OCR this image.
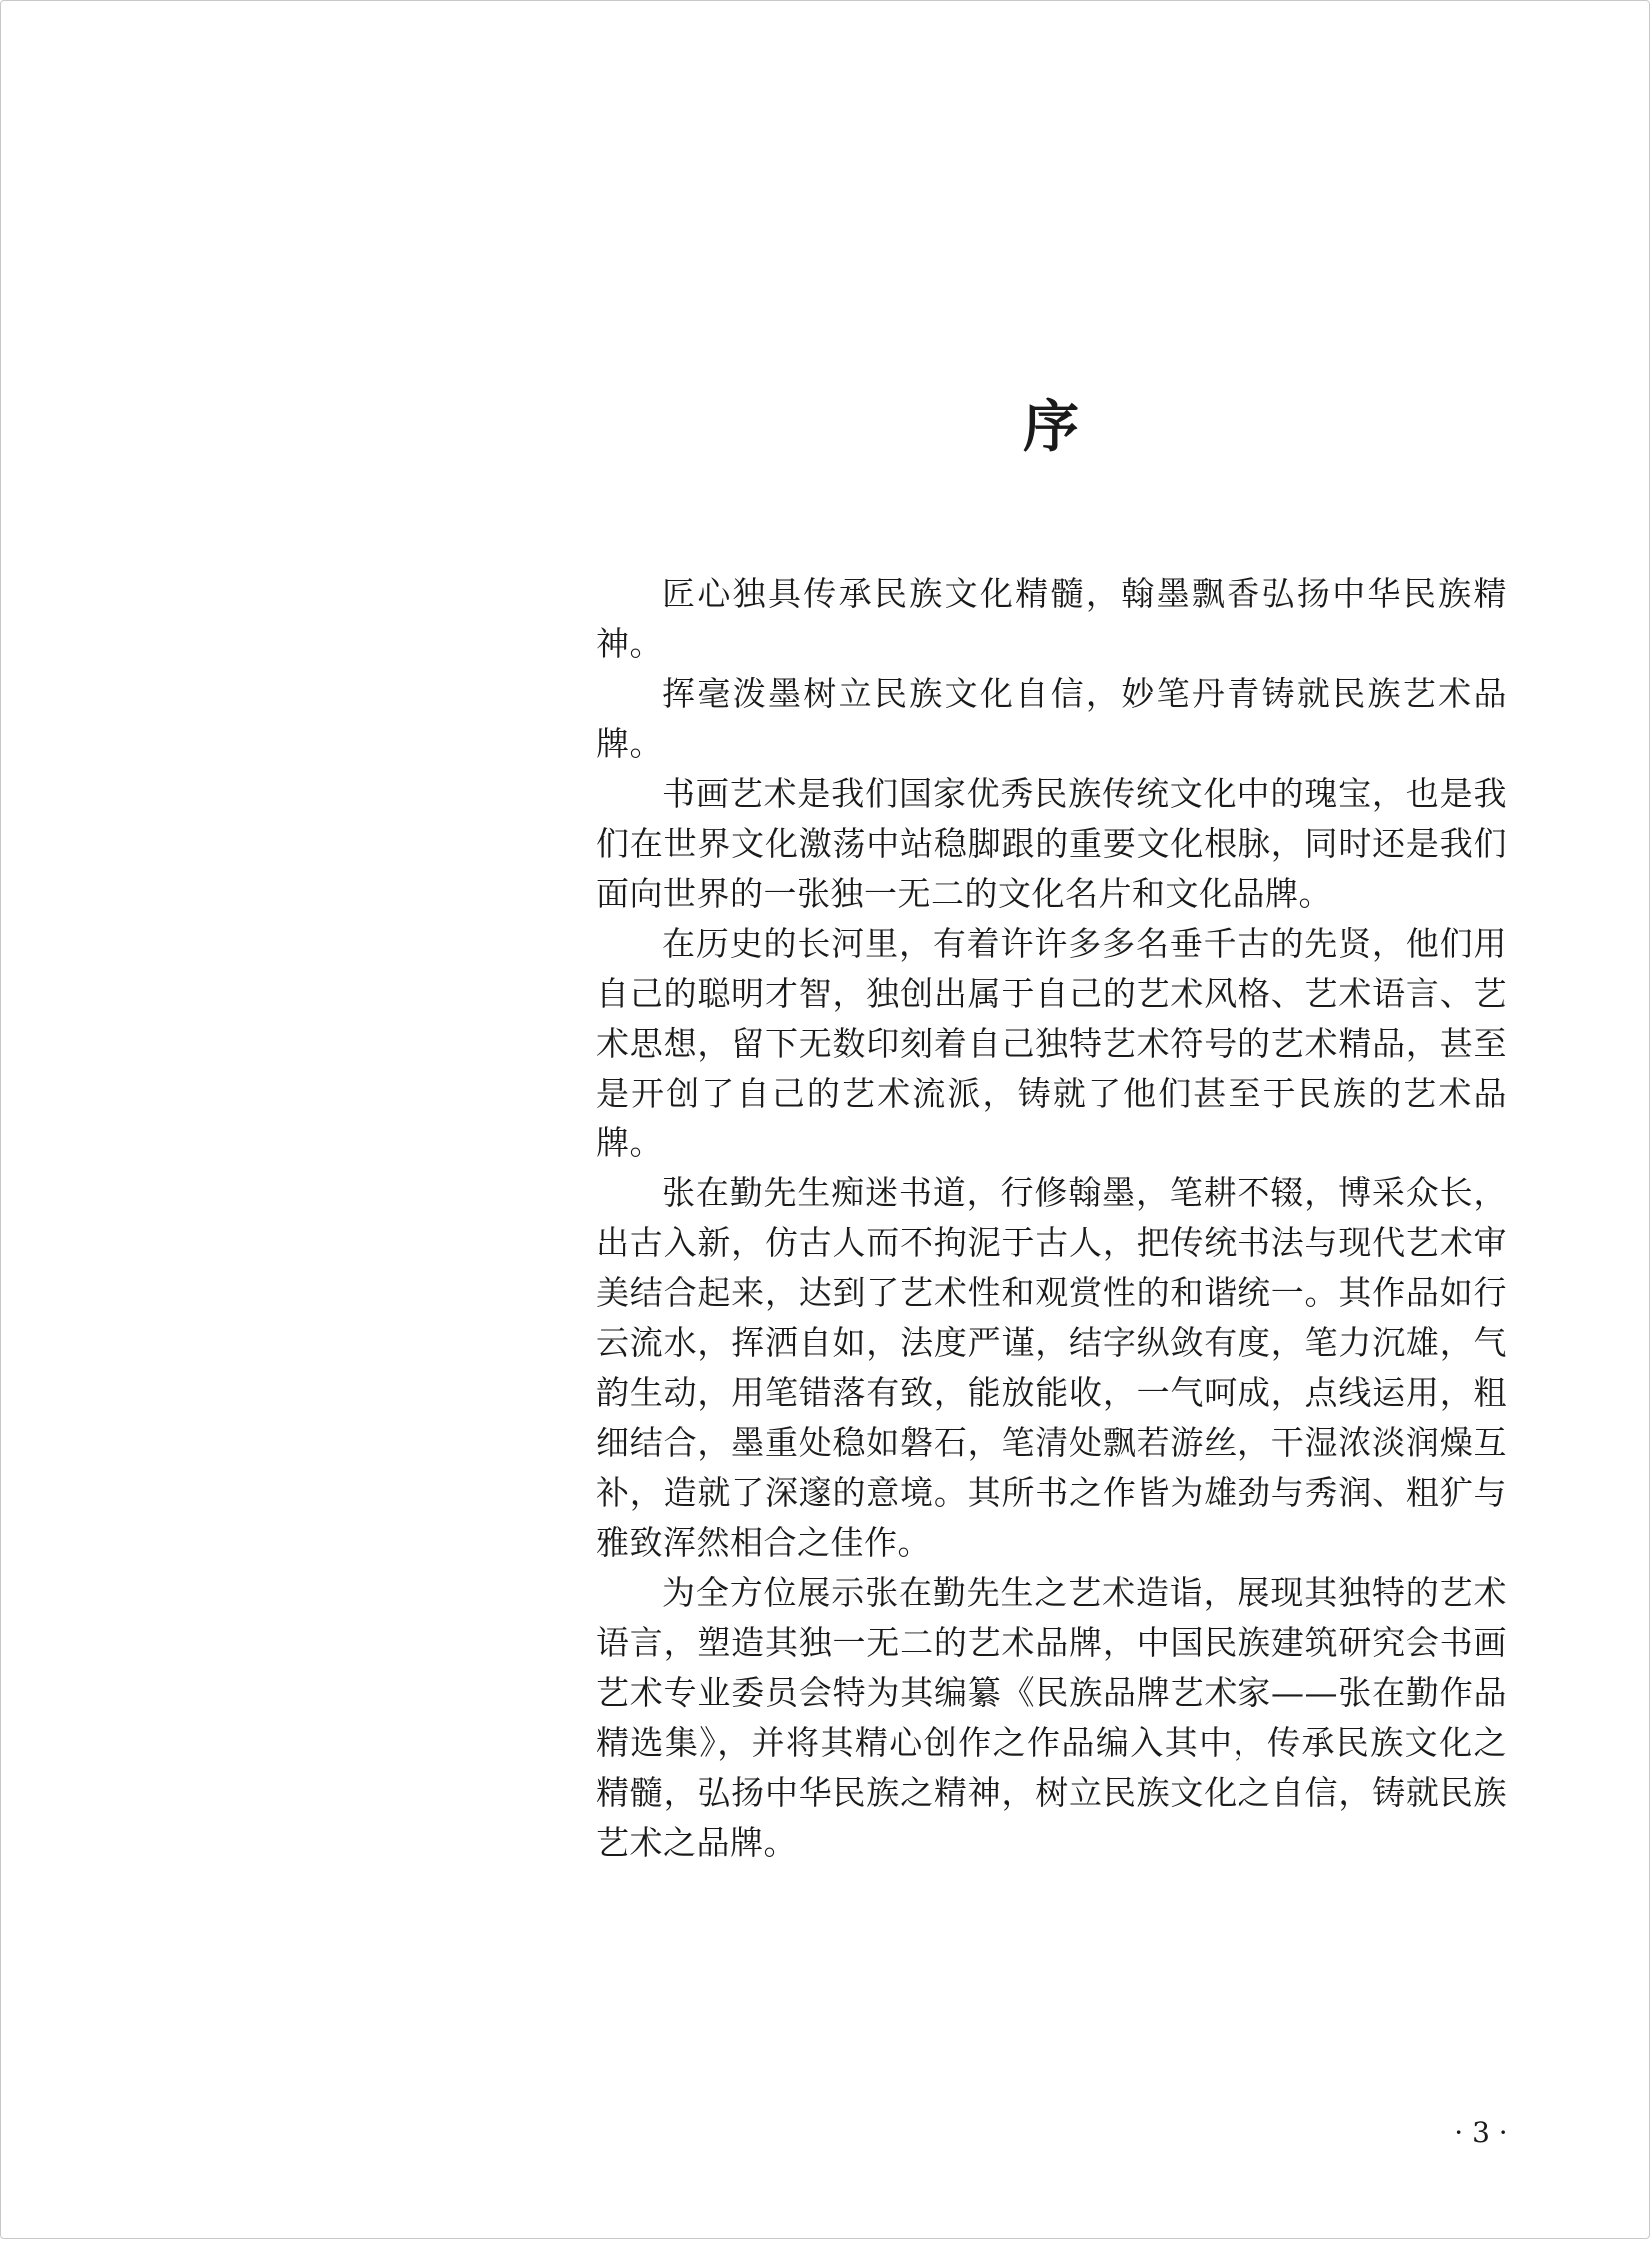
序

匠心独具传承民族文化精髓，翰墨飘香弘扬中华民族精神。

挥毫泼墨树立民族文化自信，妙笔丹青铸就民族艺术品牌。

书画艺术是我们国家优秀民族传统文化中的瑰宝，也是我们在世界文化激荡中站稳脚跟的重要文化根脉，同时还是我们面向世界的一张独一无二的文化名片和文化品牌。

在历史的长河里，有着许许多多名垂千古的先贤，他们用自己的聪明才智，独创出属于自己的艺术风格、艺术语言、艺术思想，留下无数印刻着自己独特艺术符号的艺术精品，甚至是开创了自己的艺术流派，铸就了他们甚至于民族的艺术品牌。

张在勤先生痴迷书道，行修翰墨，笔耕不辍，博采众长，出古入新，仿古人而不拘泥于古人，把传统书法与现代艺术审美结合起来，达到了艺术性和观赏性的和谐统一。其作品如行云流水，挥洒自如，法度严谨，结字纵敛有度，笔力沉雄，气韵生动，用笔错落有致，能放能收，一气呵成，点线运用，粗细结合，墨重处稳如磐石，笔清处飘若游丝，干湿浓淡润燥互补，造就了深邃的意境。其所书之作皆为雄劲与秀润、粗犷与雅致浑然相合之佳作。

为全方位展示张在勤先生之艺术造诣，展现其独特的艺术语言，塑造其独一无二的艺术品牌，中国民族建筑研究会书画艺术专业委员会特为其编纂《民族品牌艺术家——张在勤作品精选集》，并将其精心创作之作品编入其中，传承民族文化之精髓，弘扬中华民族之精神，树立民族文化之自信，铸就民族艺术之品牌。

· 3 ·
